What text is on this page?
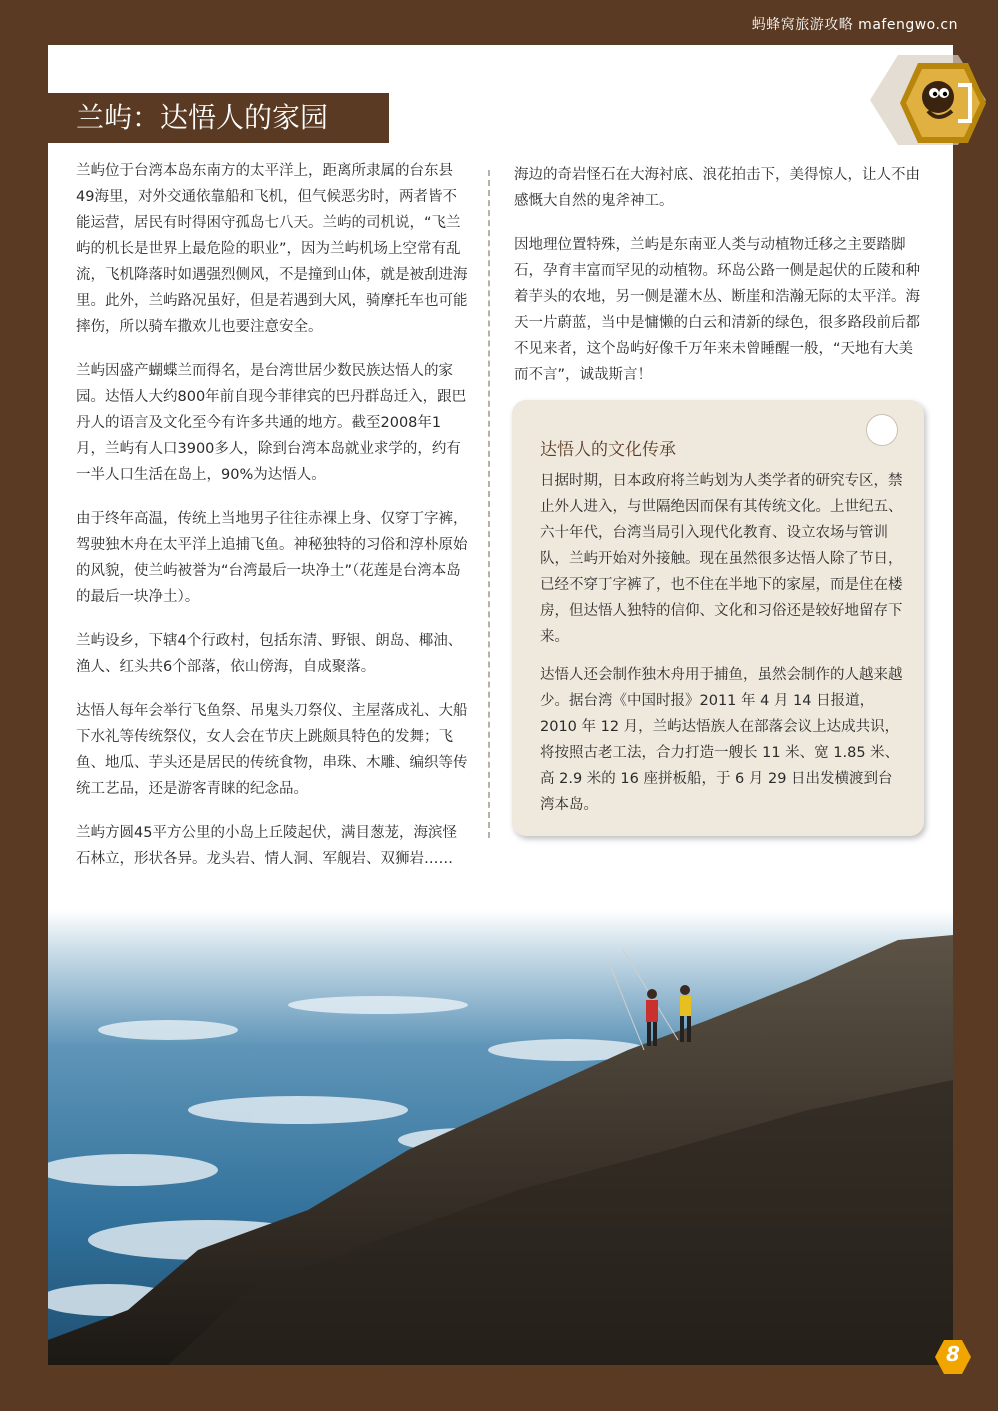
蚂蜂窝旅游攻略 mafengwo.cn
兰屿：达悟人的家园

兰屿位于台湾本岛东南方的太平洋上，距离所隶属的台东县49海里，对外交通依靠船和飞机，但气候恶劣时，两者皆不能运营，居民有时得困守孤岛七八天。兰屿的司机说，“飞兰屿的机长是世界上最危险的职业”，因为兰屿机场上空常有乱流，飞机降落时如遇强烈侧风，不是撞到山体，就是被刮进海里。此外，兰屿路况虽好，但是若遇到大风，骑摩托车也可能摔伤，所以骑车撒欢儿也要注意安全。

兰屿因盛产蝴蝶兰而得名，是台湾世居少数民族达悟人的家园。达悟人大约800年前自现今菲律宾的巴丹群岛迁入，跟巴丹人的语言及文化至今有许多共通的地方。截至2008年1月，兰屿有人口3900多人，除到台湾本岛就业求学的，约有一半人口生活在岛上，90%为达悟人。

由于终年高温，传统上当地男子往往赤裸上身、仅穿丁字裤，驾驶独木舟在太平洋上追捕飞鱼。神秘独特的习俗和淳朴原始的风貌，使兰屿被誉为“台湾最后一块净土”（花莲是台湾本岛的最后一块净土）。

兰屿设乡，下辖4个行政村，包括东清、野银、朗岛、椰油、渔人、红头共6个部落，依山傍海，自成聚落。

达悟人每年会举行飞鱼祭、吊鬼头刀祭仪、主屋落成礼、大船下水礼等传统祭仪，女人会在节庆上跳颇具特色的发舞；飞鱼、地瓜、芋头还是居民的传统食物，串珠、木雕、编织等传统工艺品，还是游客青睐的纪念品。

兰屿方圆45平方公里的小岛上丘陵起伏，满目葱茏，海滨怪石林立，形状各异。龙头岩、情人洞、军舰岩、双狮岩……

海边的奇岩怪石在大海衬底、浪花拍击下，美得惊人，让人不由感慨大自然的鬼斧神工。

因地理位置特殊，兰屿是东南亚人类与动植物迁移之主要踏脚石，孕育丰富而罕见的动植物。环岛公路一侧是起伏的丘陵和种着芋头的农地，另一侧是灌木丛、断崖和浩瀚无际的太平洋。海天一片蔚蓝，当中是慵懒的白云和清新的绿色，很多路段前后都不见来者，这个岛屿好像千万年来未曾睡醒一般，“天地有大美而不言”，诚哉斯言！

达悟人的文化传承

日据时期，日本政府将兰屿划为人类学者的研究专区，禁止外人进入，与世隔绝因而保有其传统文化。上世纪五、六十年代，台湾当局引入现代化教育、设立农场与管训队，兰屿开始对外接触。现在虽然很多达悟人除了节日，已经不穿丁字裤了，也不住在半地下的家屋，而是住在楼房，但达悟人独特的信仰、文化和习俗还是较好地留存下来。

达悟人还会制作独木舟用于捕鱼，虽然会制作的人越来越少。据台湾《中国时报》2011 年 4 月 14 日报道，2010 年 12 月，兰屿达悟族人在部落会议上达成共识，将按照古老工法，合力打造一艘长 11 米、宽 1.85 米、高 2.9 米的 16 座拼板船，于 6 月 29 日出发横渡到台湾本岛。

8
